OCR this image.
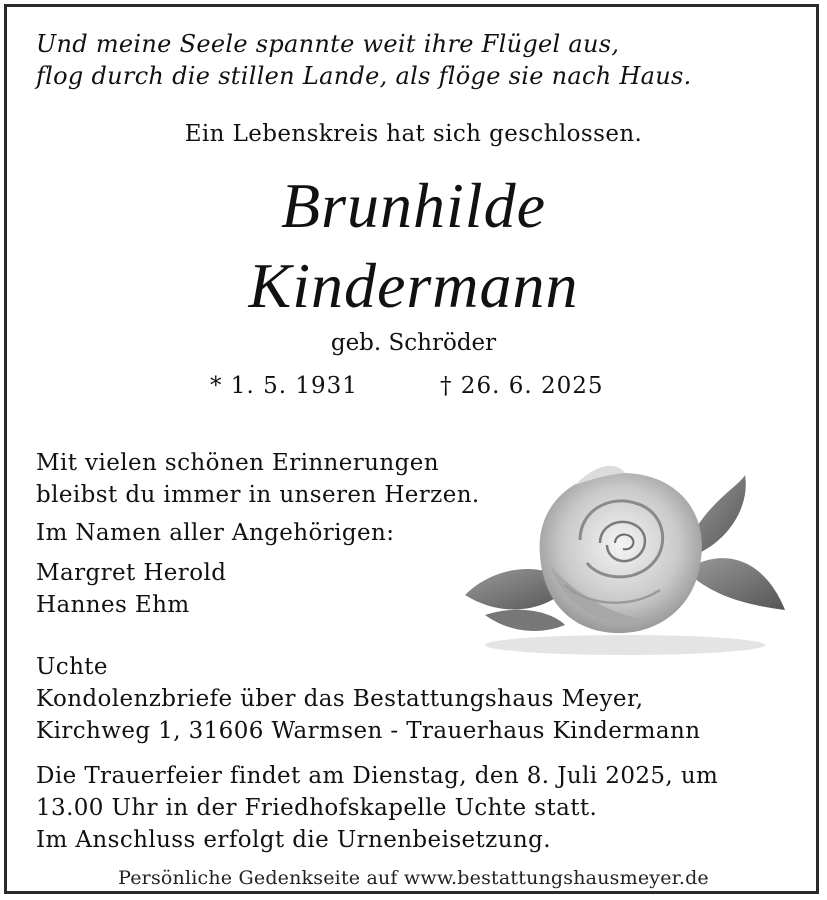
Und meine Seele spannte weit ihre Flügel aus,
flog durch die stillen Lande, als flöge sie nach Haus.
Ein Lebenskreis hat sich geschlossen.
Brunhilde
Kindermann
geb. Schröder
* 1. 5. 1931	† 26. 6. 2025
Mit vielen schönen Erinnerungen
bleibst du immer in unseren Herzen.
Im Namen aller Angehörigen:
Margret Herold
Hannes Ehm
Uchte
Kondolenzbriefe über das Bestattungshaus Meyer,
Kirchweg 1, 31606 Warmsen - Trauerhaus Kindermann
Die Trauerfeier findet am Dienstag, den 8. Juli 2025, um
13.00 Uhr in der Friedhofskapelle Uchte statt.
Im Anschluss erfolgt die Urnenbeisetzung.
Persönliche Gedenkseite auf www.bestattungshausmeyer.de
